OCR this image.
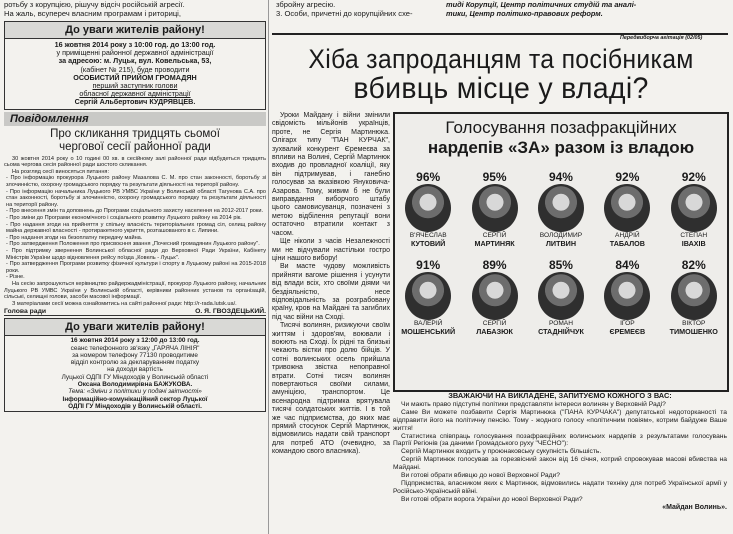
ротьбу з корупцією, рішучу відсіч російській агресії.
На жаль, всупереч власним програмам і риториці,
До уваги жителів району!
16 жовтня 2014 року з 10:00 год. до 13:00 год.
у приміщенні районної державної адміністрації
за адресою: м. Луцьк, вул. Ковельська, 53,
(кабінет № 215), буде проводити
ОСОБИСТИЙ ПРИЙОМ ГРОМАДЯН
перший заступник голови
обласної державної адміністрації
Сергій Альбертович КУДРЯВЦЕВ.
Повідомлення
Про скликання тридцять сьомої
чергової сесії районної ради

30 жовтня 2014 року о 10 годині 00 хв. в сесійному залі районної ради відбудеться тридцять сьома чергова сесія районної ради шостого скликання.

На розгляд сесії виносяться питання:

- Про інформацію прокурора Луцького району Мазалова С. М. про стан законності, боротьбу зі злочинністю, охорону громадського порядку та результати діяльності на території району.

- Про інформацію начальника Луцького РВ УМВС України у Волинській області Тагунова С.А. про стан законності, боротьбу зі злочинністю, охорону громадського порядку та результати діяльності на території району.

- Про внесення змін та доповнень до Програми соціального захисту населення на 2012-2017 роки.

- Про зміни до Програми економічного і соціального розвитку Луцького району на 2014 рік.

- Про надання згоди на прийняття у спільну власність територіальних громад сіл, селищ району майна державної власності - протиракетного укриття, розташованого в с. Липини.

- Про надання згоди на безоплатну передачу майна.

- Про затвердження Положення про присвоєння звання „Почесний громадянин Луцького району".

- Про підтримку звернення Волинської обласної ради до Верховної Ради України, Кабінету Міністрів України щодо відновлення рейсу поїзда „Ковель - Луцьк".

- Про затвердження Програми розвитку фізичної культури і спорту в Луцькому районі на 2015-2018 роки.

- Різне.

На сесію запрошуються керівництво райдержадміністрації, прокурор Луцького району, начальник Луцького РВ УМВС України у Волинській області, керівники районних установ та організацій, сільські, селищні голови, засоби масової інформації.

З матеріалами сесії можна ознайомитись на сайті районної ради: http://r-rada.lutsk.ua/.

Голова ради	О. Я. ГВОЗДЕЦЬКИЙ.
До уваги жителів району!
16 жовтня 2014 року з 12:00 до 13:00 год.
сеанс телефонного зв'язку „ГАРЯЧА ЛІНІЯ"
за номером телефону 77130 проводитиме
відділ контролю за декларуванням податку
на доходи вартість
Луцької ОДПІ ГУ Міндоходів у Волинській області
Оксана Володимирівна БАЖУКОВА.
Тема: «Зміни з політики у подачі звітності»
Інформаційно-комунікаційний сектор Луцької
ОДПІ ГУ Міндоходів у Волинській області.
збройну агресію.
3. Особи, причетні до корупційних схе-
тиді Корупції, Центр політичних студій та аналі-
тики, Центр політико-правових реформ.
Передвиборча агітація (02/05)
Хіба запроданцям та посібникам
вбивць місце у владі?

Уроки Майдану і війни змінили свідомість мільйонів українців, проте, не Сергія Мартинюка. Олігарх типу "ПАН КУРЧАК", зухвалий конкурент Єремеєва за впливи на Волині, Сергій Мартинюк входив до провладної коаліції, яку він підтримував, і ганебно голосував за вказівкою Януковича-Азарова. Тому, живим б не були виправдання виборчого штабу цього самовисуванця, позначені з метою відбілення репутації вони остаточно втратили контакт з часом.

Ще ніколи з часів Незалежності ми не відчували настільки гостро ціни нашого вибору!

Ви масте чудову можливість прийняти вагоме рішення і усунути від влади всіх, хто своїми діями чи бездіяльністю, несе відповідальність за розграбовану країну, кров на Майдані та загиблих під час війни на Сході.

Тисячі волинян, ризикуючи своїм життям і здоров'ям, воювали і воюють на Сході. Їх рідні та близькі чекають вістки про долю бійців. У сотні волинських осель прийшла тривожна звістка непоправної втрати. Сотні тисяч волинян повертаються своїми силами, амуніцією, транспортом. Це всенародна підтримка врятувала тисячі солдатських життів. І в той же час підприємства, до яких має прямий стосунок Сергій Мартинюк, відмовились надати свій транспорт для потреб АТО (очевидно, за командою свого власника).

Голосування позафракційних
нардепів «ЗА» разом із владою
96%
В'ЯЧЕСЛАВ
КУТОВИЙ
95%
СЕРГІЙ
МАРТИНЯК
94%
ВОЛОДИМИР
ЛИТВИН
92%
АНДРІЙ
ТАБАЛОВ
92%
СТЕПАН
ІВАХІВ
91%
ВАЛЕРІЙ
МОШЕНСЬКИЙ
89%
СЕРГІЙ
ЛАБАЗЮК
85%
РОМАН
СТАДНІЙЧУК
84%
ІГОР
ЄРЕМЕЄВ
82%
ВІКТОР
ТИМОШЕНКО
ЗВАЖАЮЧИ НА ВИКЛАДЕНЕ, ЗАПИТУЄМО КОЖНОГО З ВАС:

Чи мають право підступні політики представляти інтереси волинян у Верховній Раді?

Саме Ви можете позбавити Сергія Мартинюка ("ПАНА КУРЧАКА") депутатської недоторканості та відправити його на політичну пенсію. Тому - жодного голосу «політичним повіям», котрим байдуже Ваше життя!

Статистика співпраць голосування позафракційних волинських нардепів з результатами голосувань Партії Регіонів (за даними Громадського руху "ЧЕСНО"):

Сергій Мартинюк входить у проюнаковську сукупність більшість.

Сергій Мартинюк голосував за горезвісний закон від 16 січня, котрий спровокував масові вбивства на Майдані.

Ви готові обрати вбивцю до нової Верховної Ради?

Підприємства, власником яких є Мартинюк, відмовились надати техніку для потреб Української армії у Російсько-Українській війні.

Ви готові обрати ворога України до нової Верховної Ради?

«Майдан Волинь».
